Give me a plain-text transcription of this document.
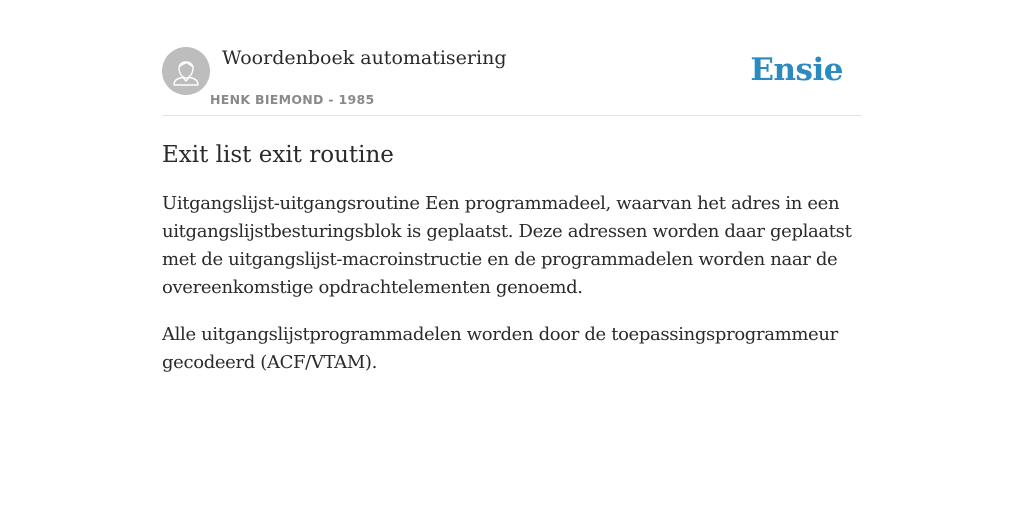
Woordenboek automatisering
HENK BIEMOND - 1985
Ensie
Exit list exit routine

Uitgangslijst-uitgangsroutine Een programmadeel, waarvan het adres in een uitgangslijstbesturingsblok is geplaatst. Deze adressen worden daar geplaatst met de uitgangslijst-macroinstructie en de programmadelen worden naar de overeenkomstige opdrachtelementen genoemd.

Alle uitgangslijstprogrammadelen worden door de toepassingsprogrammeur gecodeerd (ACF/VTAM).
